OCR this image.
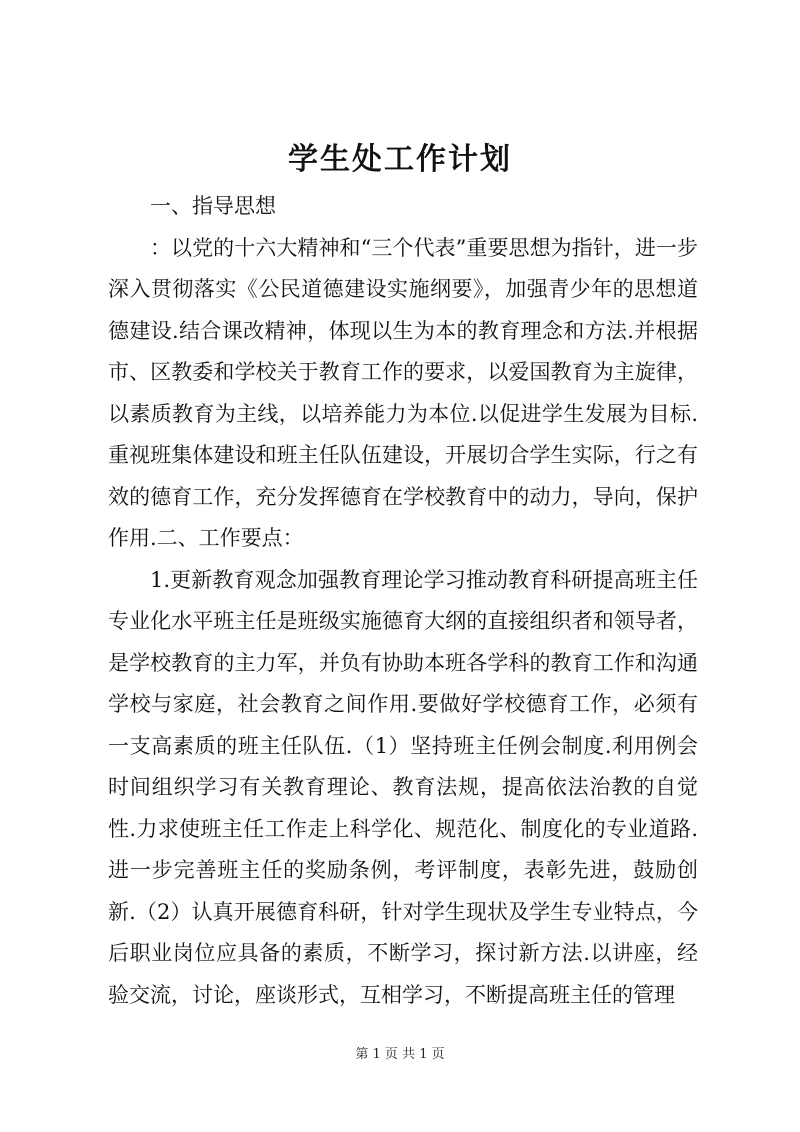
学生处工作计划

一、指导思想

：以党的十六大精神和“三个代表”重要思想为指针，进一步深入贯彻落实《公民道德建设实施纲要》，加强青少年的思想道德建设.结合课改精神，体现以生为本的教育理念和方法.并根据市、区教委和学校关于教育工作的要求，以爱国教育为主旋律，以素质教育为主线，以培养能力为本位.以促进学生发展为目标.重视班集体建设和班主任队伍建设，开展切合学生实际，行之有效的德育工作，充分发挥德育在学校教育中的动力，导向，保护作用.二、工作要点：

1.更新教育观念加强教育理论学习推动教育科研提高班主任专业化水平班主任是班级实施德育大纲的直接组织者和领导者，是学校教育的主力军，并负有协助本班各学科的教育工作和沟通学校与家庭，社会教育之间作用.要做好学校德育工作，必须有一支高素质的班主任队伍.（1）坚持班主任例会制度.利用例会时间组织学习有关教育理论、教育法规，提高依法治教的自觉性.力求使班主任工作走上科学化、规范化、制度化的专业道路.进一步完善班主任的奖励条例，考评制度，表彰先进，鼓励创新.（2）认真开展德育科研，针对学生现状及学生专业特点，今后职业岗位应具备的素质，不断学习，探讨新方法.以讲座，经验交流，讨论，座谈形式，互相学习，不断提高班主任的管理

第 1 页 共 1 页
